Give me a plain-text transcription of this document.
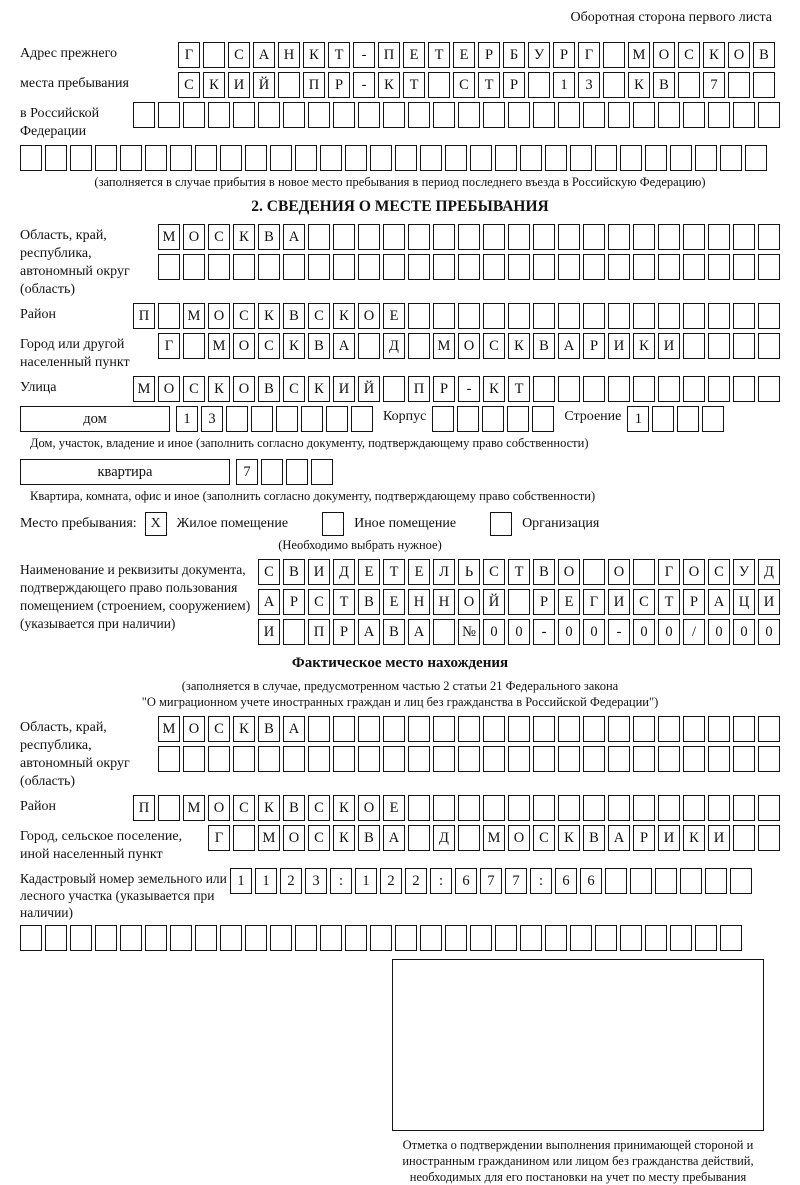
Оборотная сторона первого листа
Адрес прежнего	Г	С	А	Н	К	Т	-	П	Е	Т	Е	Р	Б	У	Р	Г	М О	С	К	О	В
места пребывания	С	К	И	Й	П	Р	-	К	Т	С	Т	Р	1	3	К	В	7
в Российской
Федерации
(заполняется в случае прибытия в новое место пребывания в период последнего въезда в Российскую Федерацию)
2. СВЕДЕНИЯ О МЕСТЕ ПРЕБЫВАНИЯ
Область, край, республика, автономный округ (область)
М О	С	К	В	А
Район	П	М О	С	К	В	С	К	О	Е
Город или другой населенный пункт
Г	М О	С	К	В	А	Д	М О	С	К	В	А	Р	И	К	И
Улица	М О	С	К	О	В	С	К	И	Й	П	Р	-	К	Т
дом	1	3	Корпус	Строение 1
Дом, участок, владение и иное (заполнить согласно документу, подтверждающему право собственности)
квартира	7
Квартира, комната, офис и иное (заполнить согласно документу, подтверждающему право собственности)
Место пребывания: X	Жилое помещение	Иное помещение	Организация
(Необходимо выбрать нужное)
Наименование и реквизиты документа, подтверждающего право пользования помещением (строением, сооружением) (указывается при наличии)
С	В	И	Д	Е	Т	Е	Л	Ь	С	Т	В	О	О	Г	О	С	У	Д
А	Р	С	Т	В	Е	Н	Н	О	Й	Р	Е	Г	И	С	Т	Р	А	Ц	И
И	П	Р	А	В	А	№ 0	0	-	0	0	-	0	0	/	0	0	0
Фактическое место нахождения
(заполняется в случае, предусмотренном частью 2 статьи 21 Федерального закона
"О миграционном учете иностранных граждан и лиц без гражданства в Российской Федерации")
Область, край, республика, автономный округ (область)
М О	С	К	В	А
Район	П	М О	С	К	В	С	К	О	Е
Город, сельское поселение, иной населенный пункт
Г	М О	С	К	В	А	Д	М О	С	К	В	А	Р	И	К	И
Кадастровый номер земельного или лесного участка (указывается при наличии)
1	1	2	3	:	1	2	2	:	6	7	7	:	6	6
Отметка о подтверждении выполнения принимающей стороной и иностранным гражданином или лицом без гражданства действий, необходимых для его постановки на учет по месту пребывания
